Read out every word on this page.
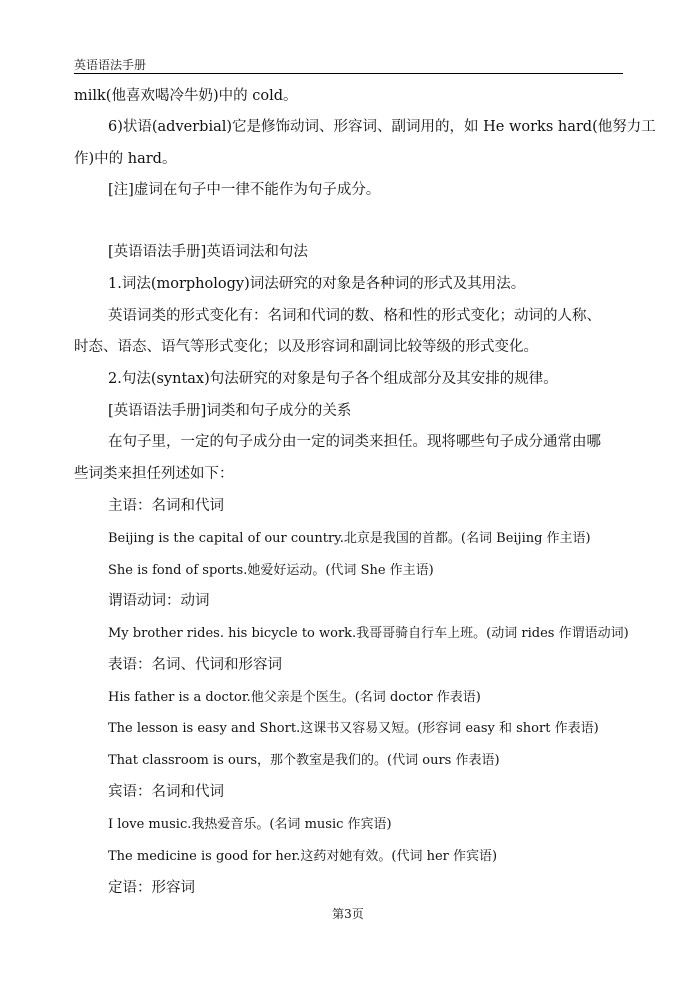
英语语法手册
milk(他喜欢喝冷牛奶)中的 cold。
6)状语(adverbial)它是修饰动词、形容词、副词用的，如 He works hard(他努力工
作)中的 hard。
[注]虚词在句子中一律不能作为句子成分。
[英语语法手册]英语词法和句法
1.词法(morphology)词法研究的对象是各种词的形式及其用法。
英语词类的形式变化有：名词和代词的数、格和性的形式变化；动词的人称、
时态、语态、语气等形式变化；以及形容词和副词比较等级的形式变化。
2.句法(syntax)句法研究的对象是句子各个组成部分及其安排的规律。
[英语语法手册]词类和句子成分的关系
在句子里，一定的句子成分由一定的词类来担任。现将哪些句子成分通常由哪
些词类来担任列述如下：
主语：名词和代词
Beijing is the capital of our country.北京是我国的首都。(名词 Beijing 作主语)
She is fond of sports.她爱好运动。(代词 She 作主语)
谓语动词：动词
My brother rides. his bicycle to work.我哥哥骑自行车上班。(动词 rides 作谓语动词)
表语：名词、代词和形容词
His father is a doctor.他父亲是个医生。(名词 doctor 作表语)
The lesson is easy and Short.这课书又容易又短。(形容词 easy 和 short 作表语)
That classroom is ours，那个教室是我们的。(代词 ours 作表语)
宾语：名词和代词
I love music.我热爱音乐。(名词 music 作宾语)
The medicine is good for her.这药对她有效。(代词 her 作宾语)
定语：形容词
第3页
